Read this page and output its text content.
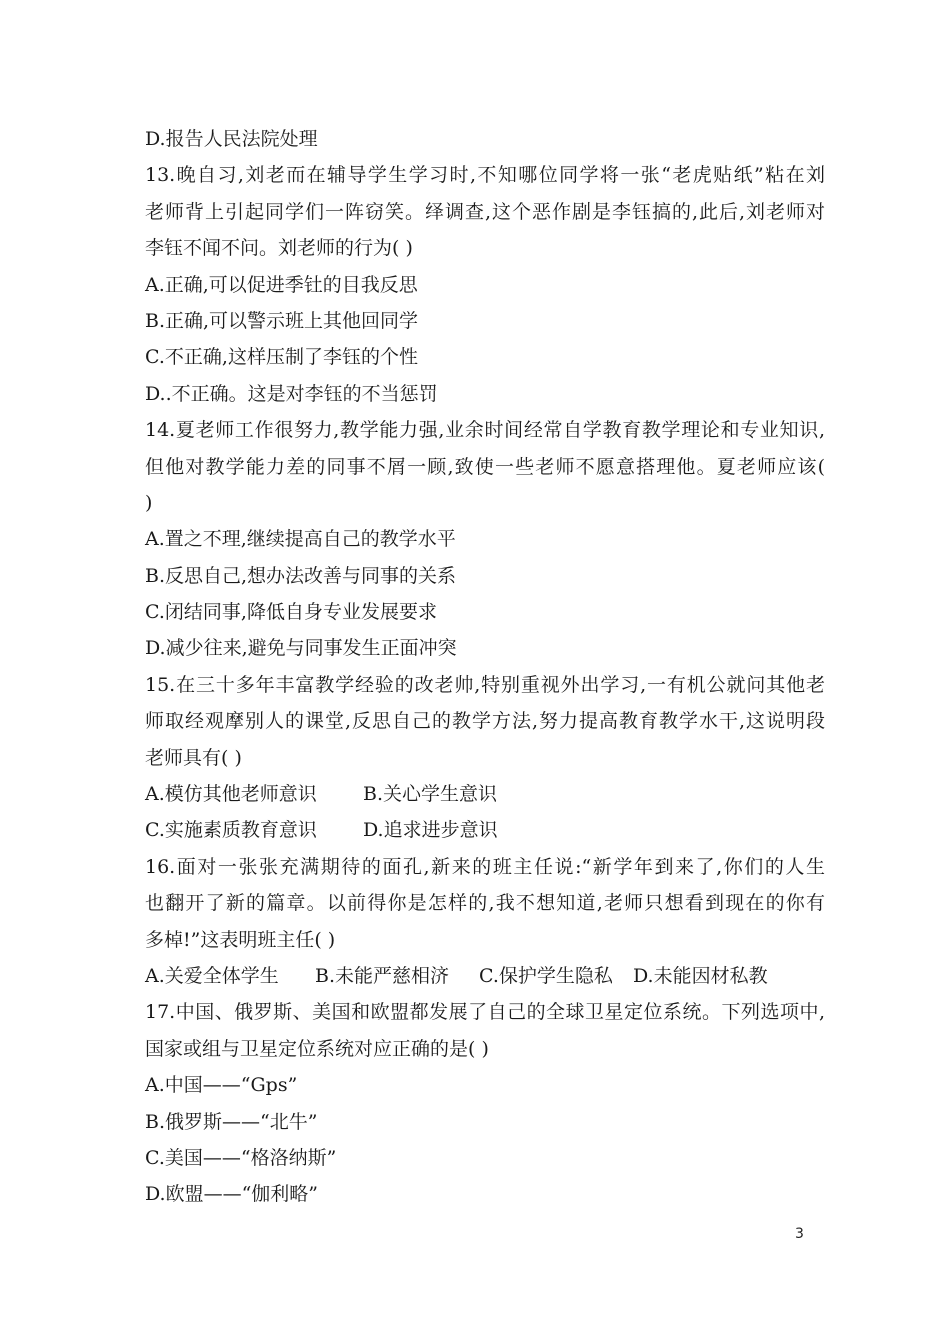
D.报告人民法院处理
13.晚自习,刘老而在辅导学生学习时,不知哪位同学将一张“老虎贴纸”粘在刘
老师背上引起同学们一阵窃笑。绎调查,这个恶作剧是李钰搞的,此后,刘老师对
李钰不闻不问。刘老师的行为( )
A.正确,可以促进季钍的目我反思
B.正确,可以警示班上其他回同学
C.不正确,这样压制了李钰的个性
D..不正确。这是对李钰的不当惩罚
14.夏老师工作很努力,教学能力强,业余时间经常自学教育教学理论和专业知识,
但他对教学能力差的同事不屑一顾,致使一些老师不愿意搭理他。夏老师应该(
)
A.置之不理,继续提高自己的教学水平
B.反思自己,想办法改善与同事的关系
C.闭结同事,降低自身专业发展要求
D.减少往来,避免与同事发生正面冲突
15.在三十多年丰富教学经验的改老帅,特别重视外出学习,一有机公就问其他老
师取经观摩别人的课堂,反思自己的教学方法,努力提高教育教学水干,这说明段
老师具有( )
A.模仿其他老师意识 B.关心学生意识
C.实施素质教育意识 D.追求进步意识
16.面对一张张充满期待的面孔,新来的班主任说:“新学年到来了,你们的人生
也翻开了新的篇章。以前得你是怎样的,我不想知道,老师只想看到现在的你有
多棹!”这表明班主任( )
A.关爱全体学生 B.未能严慈相济 C.保护学生隐私 D.未能因材私教
17.中国、俄罗斯、美国和欧盟都发展了自己的全球卫星定位系统。下列选项中,
国家或组与卫星定位系统对应正确的是( )
A.中国——“Gps”
B.俄罗斯——“北牛”
C.美国——“格洛纳斯”
D.欧盟——“伽利略”
3
